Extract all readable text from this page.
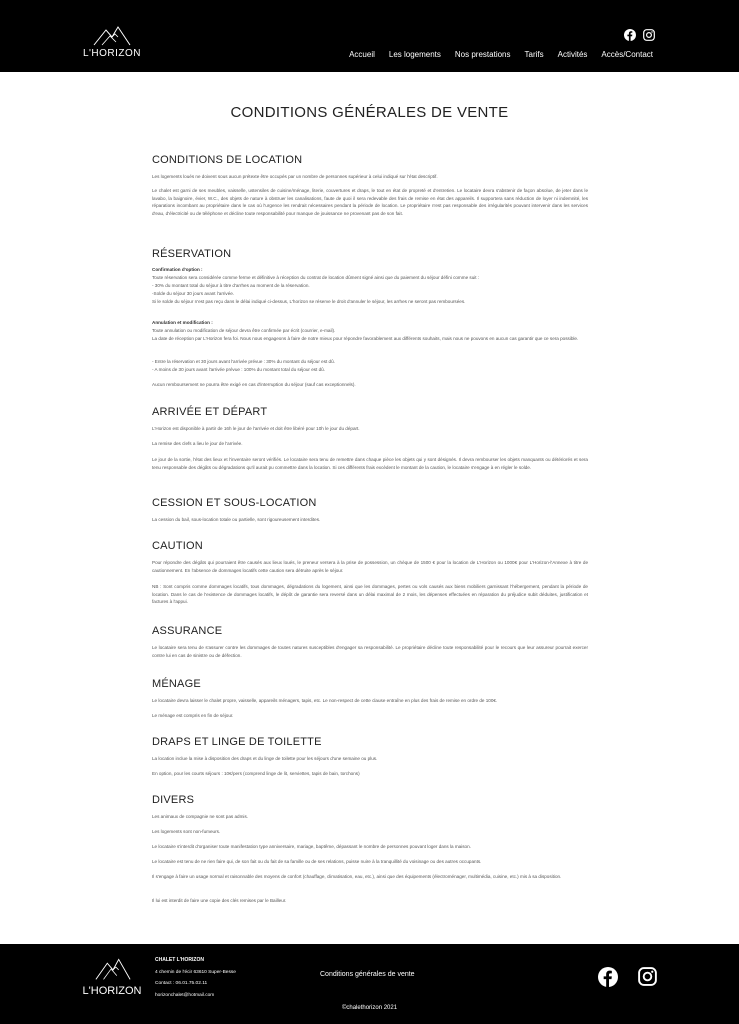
L'HORIZON	Accueil Les logements Nos prestations Tarifs Activités Accès/Contact
CONDITIONS GÉNÉRALES DE VENTE
CONDITIONS DE LOCATION
Les logements loués ne doivent sous aucun prétexte être occupés par un nombre de personnes supérieur à celui indiqué sur l'état descriptif.
Le chalet est garni de ses meubles, vaisselle, ustensiles de cuisine/ménage, literie, couvertures et draps, le tout en état de propreté et d'entretien. Le locataire devra s'abstenir de façon absolue, de jeter dans le lavabo, la baignoire, évier, W.C., des objets de nature à obstruer les canalisations, faute de quoi il sera redevable des frais de remise en état des appareils. Il supportera sans réduction de loyer ni indemnité, les réparations incombant au propriétaire dans le cas où l'urgence les rendrait nécessaires pendant la période de location. Le propriétaire n'est pas responsable des irrégularités pouvant intervenir dans les services d'eau, d'électricité ou de téléphone et décline toute responsabilité pour manque de jouissance ne provenant pas de son fait.
RÉSERVATION
Confirmation d'option :
Toute réservation sera considérée comme ferme et définitive à réception du contrat de location dûment signé ainsi que du paiement du séjour défini comme suit :
- 30% du montant total du séjour à titre d'arrhes au moment de la réservation.
-Solde du séjour 30 jours avant l'arrivée.
Si le solde du séjour n'est pas reçu dans le délai indiqué ci-dessus, L'horizon se réserve le droit d'annuler le séjour, les arrhes ne seront pas remboursées.
Annulation et modification :
Toute annulation ou modification de séjour devra être confirmée par écrit (courrier, e-mail).
La date de réception par L'Horizon fera foi. Nous nous engageons à faire de notre mieux pour répondre favorablement aux différents souhaits, mais nous ne pouvons en aucun cas garantir que ce sera possible.
- Entre la réservation et 30 jours avant l'arrivée prévue : 30% du montant du séjour est dû.
- A moins de 30 jours avant l'arrivée prévue : 100% du montant total du séjour est dû.
Aucun remboursement ne pourra être exigé en cas d'interruption du séjour (sauf cas exceptionnels).
ARRIVÉE ET DÉPART
L'Horizon est disponible à partir de 16h le jour de l'arrivée et doit être libéré pour 10h le jour du départ.
La remise des clefs a lieu le jour de l'arrivée.
Le jour de la sortie, l'état des lieux et l'inventaire seront vérifiés. Le locataire sera tenu de remettre dans chaque pièce les objets qui y sont désignés. Il devra rembourser les objets manquants ou détériorés et sera tenu responsable des dégâts ou dégradations qu'il aurait pu commettre dans la location. Si ces différents frais excèdent le montant de la caution, le locataire s'engage à en régler le solde.
CESSION ET SOUS-LOCATION
La cession du bail, sous-location totale ou partielle, sont rigoureusement interdites.
CAUTION
Pour répondre des dégâts qui pourraient être causés aux lieux loués, le preneur versera à la prise de possession, un chèque de 1500 € pour la location de L'Horizon ou 1000€ pour L'Horizon-l'Annexe à titre de cautionnement. En l'absence de dommages locatifs cette caution sera détruite après le séjour.
NB : Sont compris comme dommages locatifs, tous dommages, dégradations du logement, ainsi que les dommages, pertes ou vols causés aux biens mobiliers garnissant l'hébergement, pendant la période de location. Dans le cas de l'existence de dommages locatifs, le dépôt de garantie sera reversé dans un délai maximal de 2 mois, les dépenses effectuées en réparation du préjudice subit déduites, justification et factures à l'appui.
ASSURANCE
Le locataire sera tenu de s'assurer contre les dommages de toutes natures susceptibles d'engager sa responsabilité. Le propriétaire décline toute responsabilité pour le recours que leur assureur pourrait exercer contre lui en cas de sinistre ou de défection.
MÉNAGE
Le locataire devra laisser le chalet propre, vaisselle, appareils ménagers, tapis, etc. Le non-respect de cette clause entraîne en plus des frais de remise en ordre de 100€.
Le ménage est compris en fin de séjour.
DRAPS ET LINGE DE TOILETTE
La location inclue la mise à disposition des draps et du linge de toilette pour les séjours d'une semaine ou plus.
En option, pour les courts séjours : 10€/pers (comprend linge de lit, serviettes, tapis de bain, torchons)
DIVERS
Les animaux de compagnie ne sont pas admis.
Les logements sont non-fumeurs.
Le locataire s'interdit d'organiser toute manifestation type anniversaire, mariage, baptême, dépassant le nombre de personnes pouvant loger dans la maison.
Le locataire est tenu de ne rien faire qui, de son fait ou du fait de sa famille ou de ses relations, puisse nuire à la tranquillité du voisinage ou des autres occupants.
Il s'engage à faire un usage normal et raisonnable des moyens de confort (chauffage, climatisation, eau, etc.), ainsi que des équipements (électroménager, multimédia, cuisine, etc.) mis à sa disposition.
Il lui est interdit de faire une copie des clés remises par le Bailleur.
L'HORIZON
CHALET L'HORIZON
4 chemin de l'écir 63610 Super-Besse
Contact : 06.01.75.02.11
horizonchalet@hotmail.com
Conditions générales de vente
©chalethorizon 2021
